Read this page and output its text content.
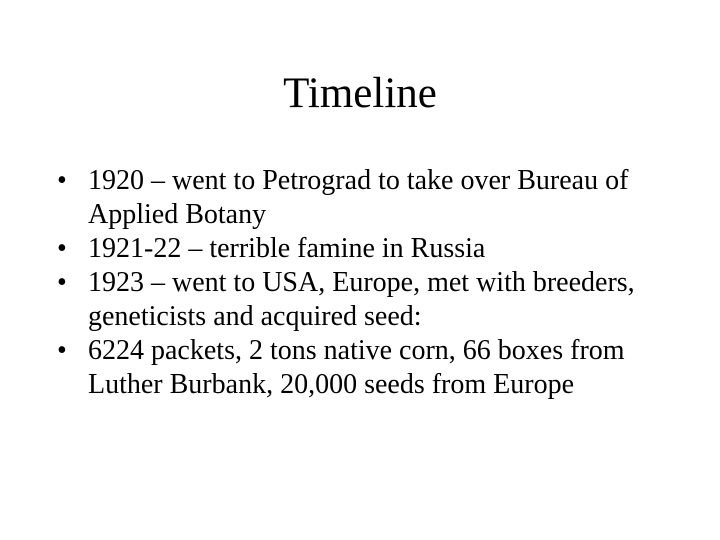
Timeline
• 1920 – went to Petrograd to take over Bureau of Applied Botany
• 1921-22 – terrible famine in Russia
• 1923 – went to USA, Europe, met with breeders, geneticists and acquired seed:
• 6224 packets, 2 tons native corn, 66 boxes from Luther Burbank, 20,000 seeds from Europe
